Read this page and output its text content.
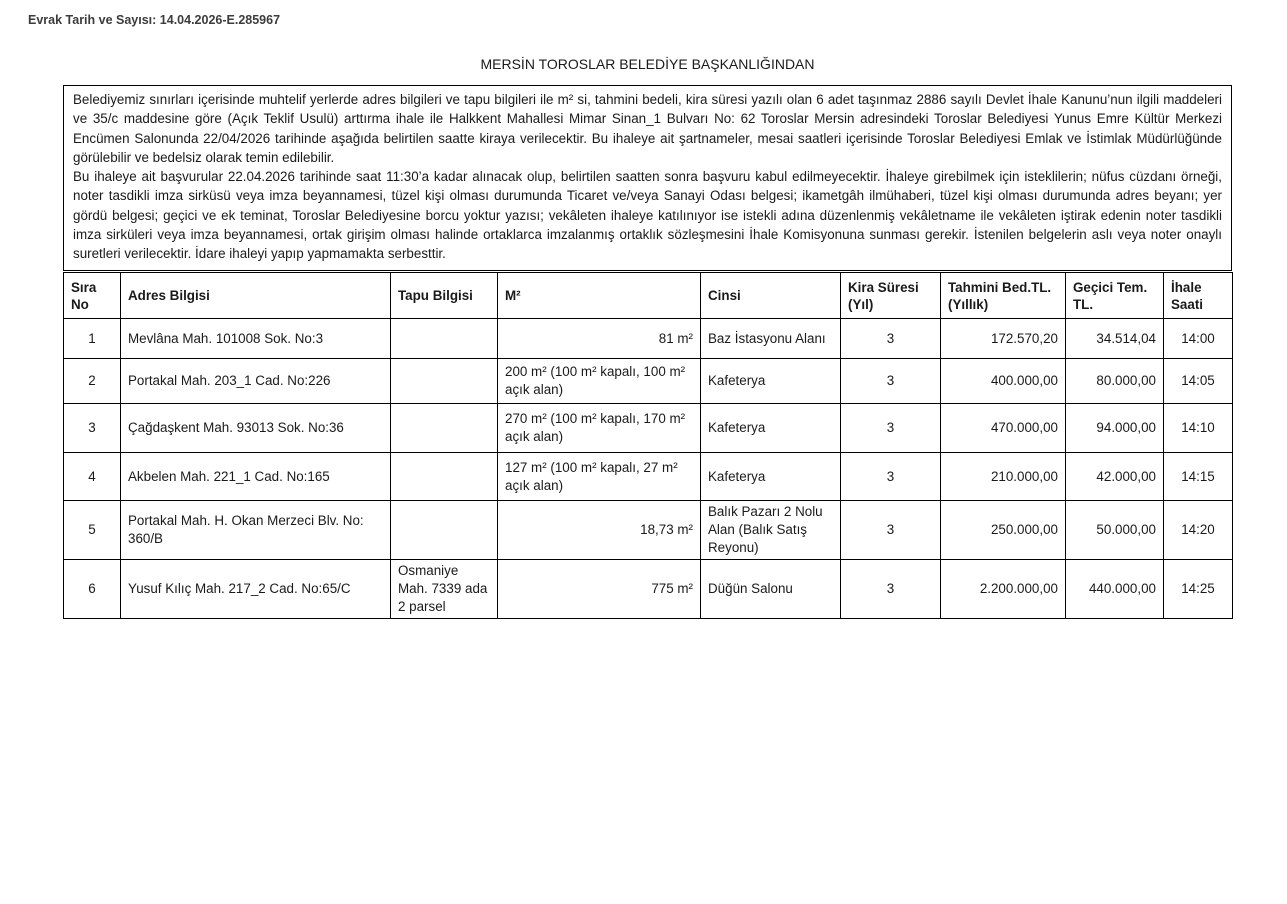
Evrak Tarih ve Sayısı: 14.04.2026-E.285967
MERSİN TOROSLAR BELEDİYE BAŞKANLIĞINDAN

Belediyemiz sınırları içerisinde muhtelif yerlerde adres bilgileri ve tapu bilgileri ile m² si, tahmini bedeli, kira süresi yazılı olan 6 adet taşınmaz 2886 sayılı Devlet İhale Kanunu’nun ilgili maddeleri ve 35/c maddesine göre (Açık Teklif Usulü) arttırma ihale ile Halkkent Mahallesi Mimar Sinan_1 Bulvarı No: 62 Toroslar Mersin adresindeki Toroslar Belediyesi Yunus Emre Kültür Merkezi Encümen Salonunda 22/04/2026 tarihinde aşağıda belirtilen saatte kiraya verilecektir. Bu ihaleye ait şartnameler, mesai saatleri içerisinde Toroslar Belediyesi Emlak ve İstimlak Müdürlüğünde görülebilir ve bedelsiz olarak temin edilebilir.

Bu ihaleye ait başvurular 22.04.2026 tarihinde saat 11:30’a kadar alınacak olup, belirtilen saatten sonra başvuru kabul edilmeyecektir. İhaleye girebilmek için isteklilerin; nüfus cüzdanı örneği, noter tasdikli imza sirküsü veya imza beyannamesi, tüzel kişi olması durumunda Ticaret ve/veya Sanayi Odası belgesi; ikametgâh ilmühaberi, tüzel kişi olması durumunda adres beyanı; yer gördü belgesi; geçici ve ek teminat, Toroslar Belediyesine borcu yoktur yazısı; vekâleten ihaleye katılınıyor ise istekli adına düzenlenmiş vekâletname ile vekâleten iştirak edenin noter tasdikli imza sirküleri veya imza beyannamesi, ortak girişim olması halinde ortaklarca imzalanmış ortaklık sözleşmesini İhale Komisyonuna sunması gerekir. İstenilen belgelerin aslı veya noter onaylı suretleri verilecektir. İdare ihaleyi yapıp yapmamakta serbesttir.

Sıra No	Adres Bilgisi	Tapu Bilgisi	M²	Cinsi	Kira Süresi (Yıl)	Tahmini Bed.TL. (Yıllık)	Geçici Tem. TL.	İhale Saati
1	Mevlâna Mah. 101008 Sok. No:3		81 m²	Baz İstasyonu Alanı	3	172.570,20	34.514,04	14:00
2	Portakal Mah. 203_1 Cad. No:226		200 m² (100 m² kapalı, 100 m² açık alan)	Kafeterya	3	400.000,00	80.000,00	14:05
3	Çağdaşkent Mah. 93013 Sok. No:36		270 m² (100 m² kapalı, 170 m² açık alan)	Kafeterya	3	470.000,00	94.000,00	14:10
4	Akbelen Mah. 221_1 Cad. No:165		127 m² (100 m² kapalı, 27 m² açık alan)	Kafeterya	3	210.000,00	42.000,00	14:15
5	Portakal Mah. H. Okan Merzeci Blv. No: 360/B		18,73 m²	Balık Pazarı 2 Nolu Alan (Balık Satış Reyonu)	3	250.000,00	50.000,00	14:20
6	Yusuf Kılıç Mah. 217_2 Cad. No:65/C	Osmaniye Mah. 7339 ada 2 parsel	775 m²	Düğün Salonu	3	2.200.000,00	440.000,00	14:25
